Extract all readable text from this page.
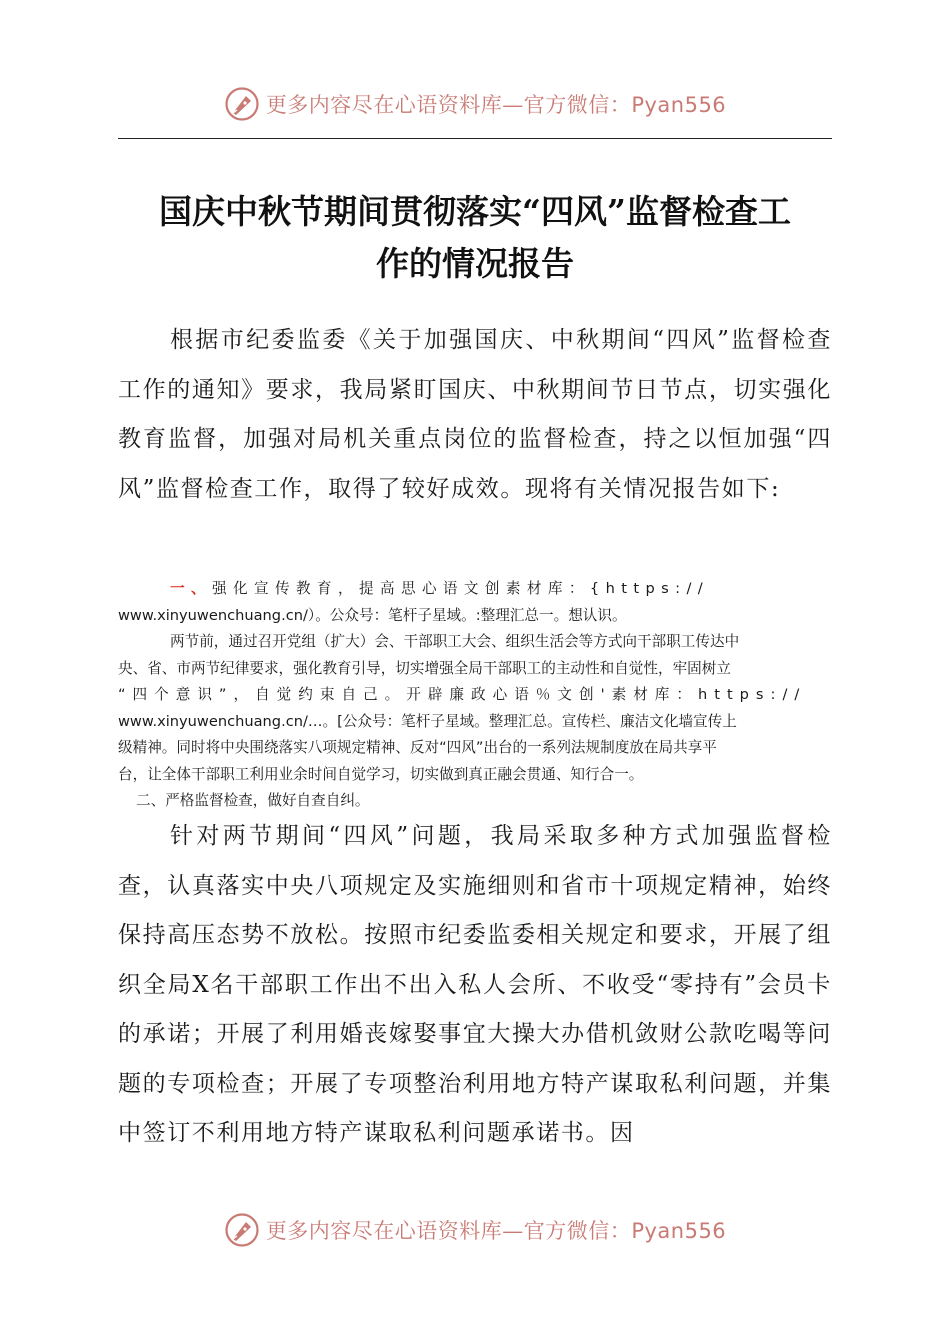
更多内容尽在心语资料库—官方微信：Pyan556
国庆中秋节期间贯彻落实“四风”监督检查工
作的情况报告

根据市纪委监委《关于加强国庆、中秋期间“四风”监督检查工作的通知》要求，我局紧盯国庆、中秋期间节日节点，切实强化教育监督，加强对局机关重点岗位的监督检查，持之以恒加强“四风”监督检查工作，取得了较好成效。现将有关情况报告如下:

一、强化宣传教育，提高思心语文创素材库：{https://
www.xinyuwenchuang.cn/）。公众号：笔杆子星域。:整理汇总一。想认识。
两节前，通过召开党组（扩大）会、干部职工大会、组织生活会等方式向干部职工传达中
央、省、市两节纪律要求，强化教育引导，切实增强全局干部职工的主动性和自觉性，牢固树立
“四个意识”，自觉约束自己。开辟廉政心语％文创'素材库：https://
www.xinyuwenchuang.cn/…。[公众号：笔杆子星域。整理汇总。宣传栏、廉洁文化墙宣传上
级精神。同时将中央围绕落实八项规定精神、反对“四风”出台的一系列法规制度放在局共享平
台，让全体干部职工利用业余时间自觉学习，切实做到真正融会贯通、知行合一。
二、严格监督检查，做好自查自纠。

针对两节期间“四风”问题，我局采取多种方式加强监督检查，认真落实中央八项规定及实施细则和省市十项规定精神，始终保持高压态势不放松。按照市纪委监委相关规定和要求，开展了组织全局X名干部职工作出不出入私人会所、不收受“零持有”会员卡的承诺；开展了利用婚丧嫁娶事宜大操大办借机敛财公款吃喝等问题的专项检查；开展了专项整治利用地方特产谋取私利问题，并集中签订不利用地方特产谋取私利问题承诺书。因

更多内容尽在心语资料库—官方微信：Pyan556
